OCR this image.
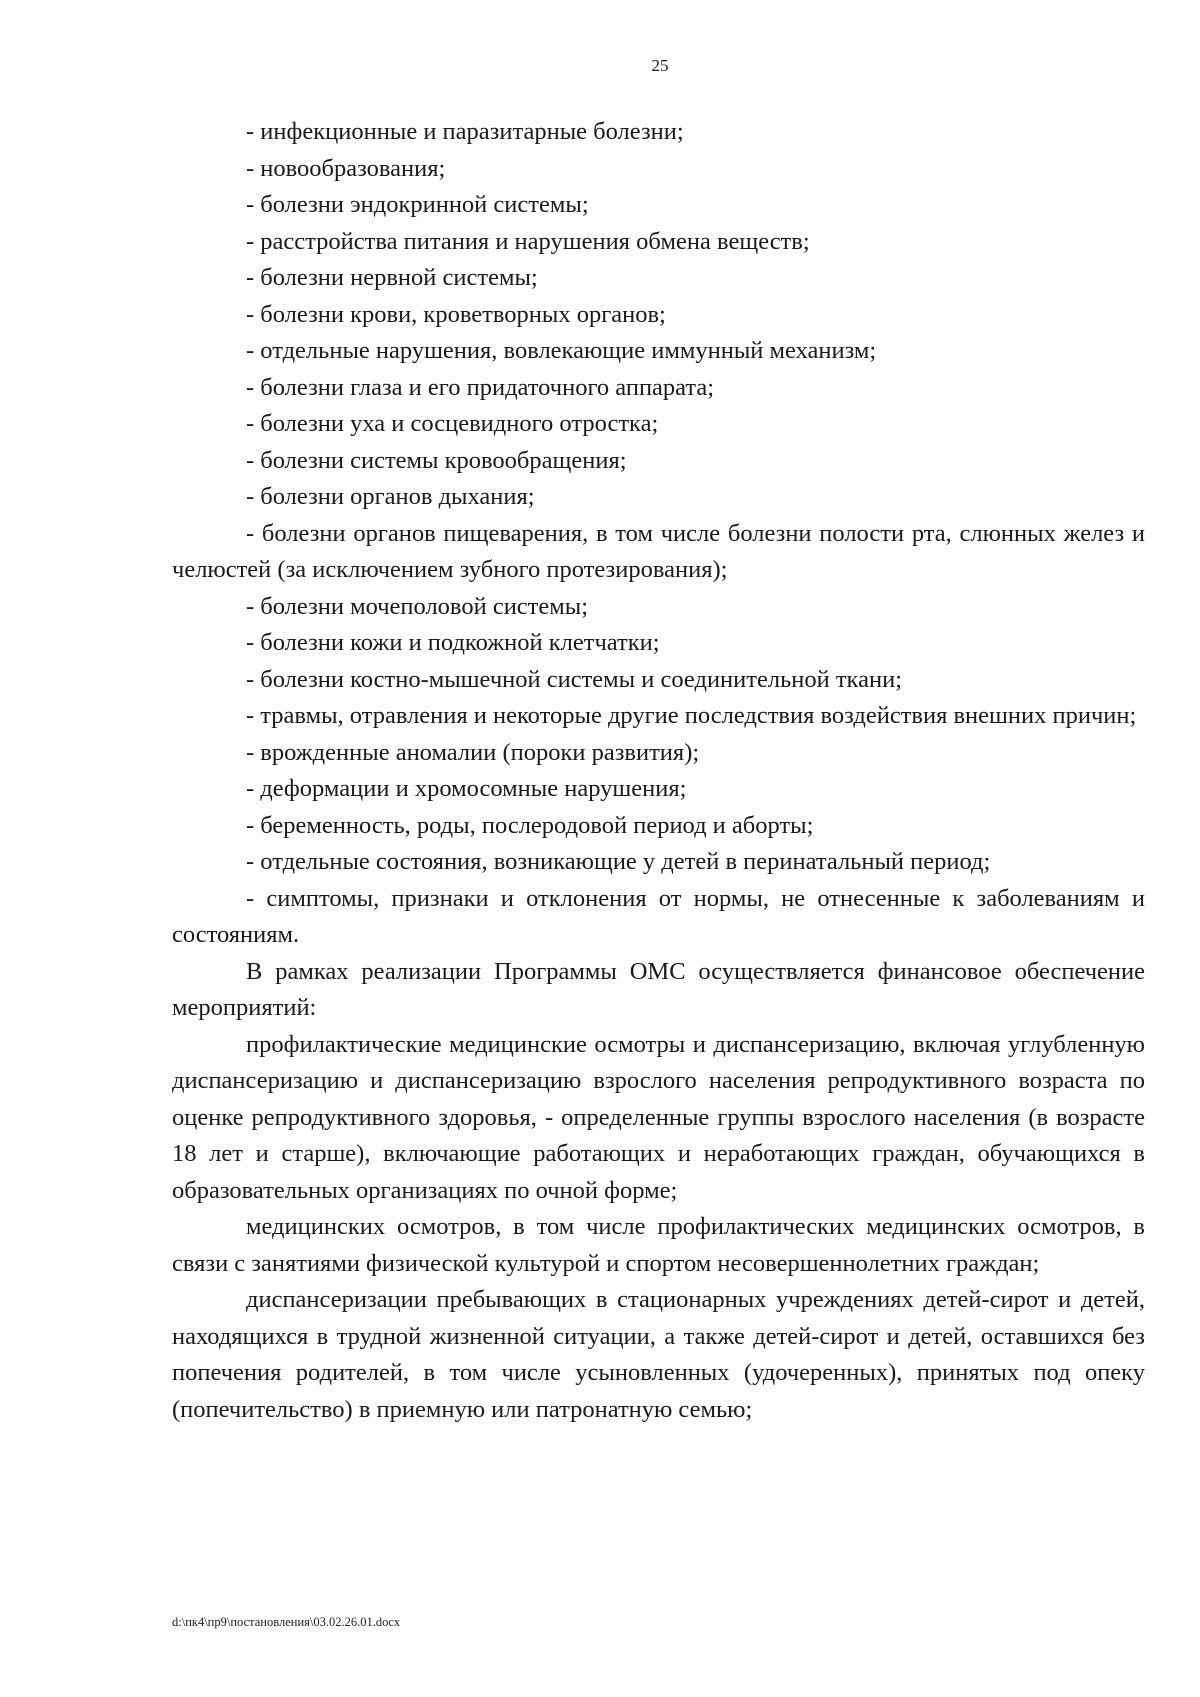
25

- инфекционные и паразитарные болезни;

- новообразования;

- болезни эндокринной системы;

- расстройства питания и нарушения обмена веществ;

- болезни нервной системы;

- болезни крови, кроветворных органов;

- отдельные нарушения, вовлекающие иммунный механизм;

- болезни глаза и его придаточного аппарата;

- болезни уха и сосцевидного отростка;

- болезни системы кровообращения;

- болезни органов дыхания;

- болезни органов пищеварения, в том числе болезни полости рта, слюнных желез и челюстей (за исключением зубного протезирования);

- болезни мочеполовой системы;

- болезни кожи и подкожной клетчатки;

- болезни костно-мышечной системы и соединительной ткани;

- травмы, отравления и некоторые другие последствия воздействия внешних причин;

- врожденные аномалии (пороки развития);

- деформации и хромосомные нарушения;

- беременность, роды, послеродовой период и аборты;

- отдельные состояния, возникающие у детей в перинатальный период;

- симптомы, признаки и отклонения от нормы, не отнесенные к заболеваниям и состояниям.

В рамках реализации Программы ОМС осуществляется финансовое обеспечение мероприятий:

профилактические медицинские осмотры и диспансеризацию, включая углубленную диспансеризацию и диспансеризацию взрослого населения репродуктивного возраста по оценке репродуктивного здоровья, - определенные группы взрослого населения (в возрасте 18 лет и старше), включающие работающих и неработающих граждан, обучающихся в образовательных организациях по очной форме;

медицинских осмотров, в том числе профилактических медицинских осмотров, в связи с занятиями физической культурой и спортом несовершеннолетних граждан;

диспансеризации пребывающих в стационарных учреждениях детей-сирот и детей, находящихся в трудной жизненной ситуации, а также детей-сирот и детей, оставшихся без попечения родителей, в том числе усыновленных (удочеренных), принятых под опеку (попечительство) в приемную или патронатную семью;

d:\пк4\пр9\постановления\03.02.26.01.docx
